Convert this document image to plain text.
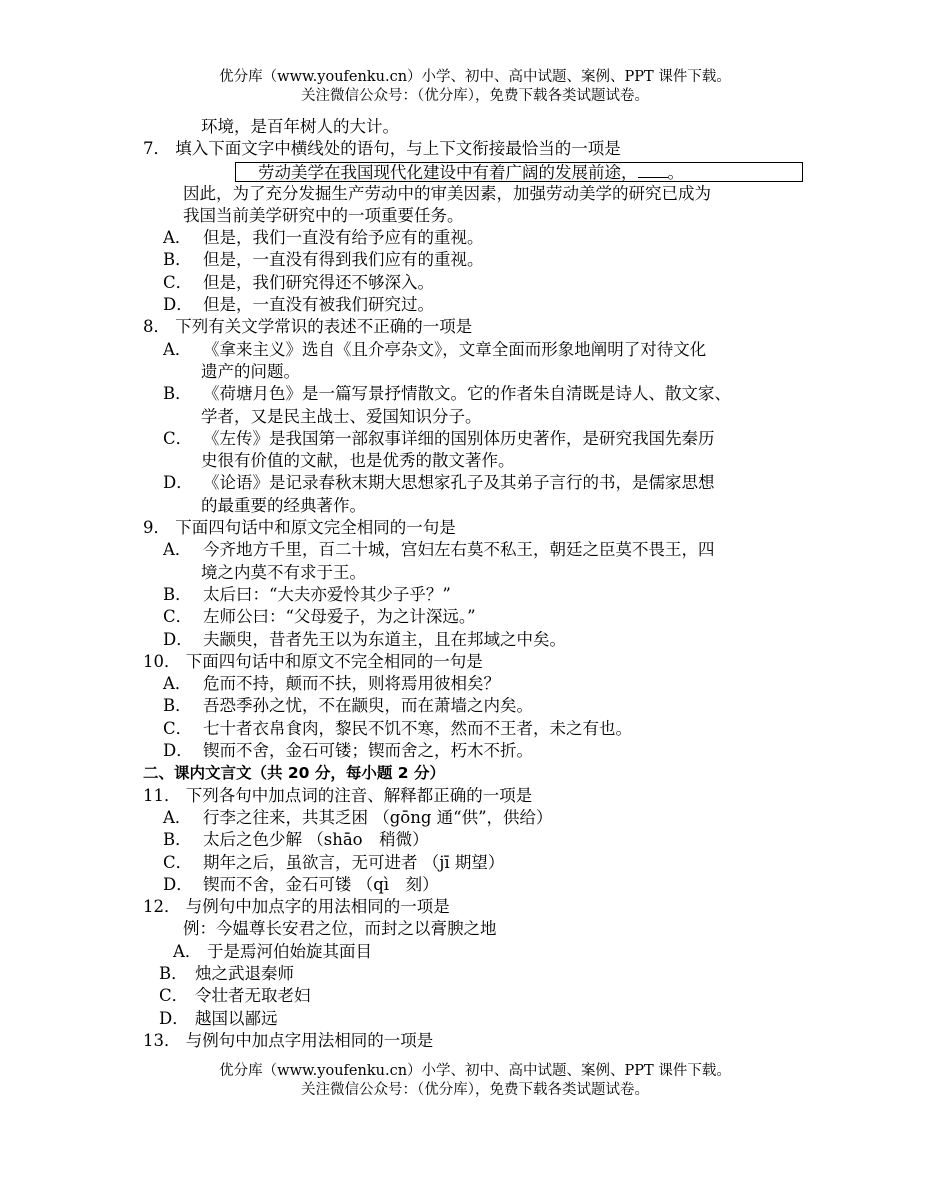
优分库（www.youfenku.cn）小学、初中、高中试题、案例、PPT 课件下载。
关注微信公众号：（优分库），免费下载各类试题试卷。
环境，是百年树人的大计。
7． 填入下面文字中横线处的语句，与上下文衔接最恰当的一项是
劳动美学在我国现代化建设中有着广阔的发展前途， 。
因此，为了充分发掘生产劳动中的审美因素，加强劳动美学的研究已成为
我国当前美学研究中的一项重要任务。
A． 但是，我们一直没有给予应有的重视。
B． 但是，一直没有得到我们应有的重视。
C． 但是，我们研究得还不够深入。
D． 但是，一直没有被我们研究过。
8． 下列有关文学常识的表述不正确的一项是
A． 《拿来主义》选自《且介亭杂文》，文章全面而形象地阐明了对待文化
遗产的问题。
B． 《荷塘月色》是一篇写景抒情散文。它的作者朱自清既是诗人、散文家、
学者，又是民主战士、爱国知识分子。
C． 《左传》是我国第一部叙事详细的国别体历史著作，是研究我国先秦历
史很有价值的文献，也是优秀的散文著作。
D． 《论语》是记录春秋末期大思想家孔子及其弟子言行的书，是儒家思想
的最重要的经典著作。
9． 下面四句话中和原文完全相同的一句是
A． 今齐地方千里，百二十城，宫妇左右莫不私王，朝廷之臣莫不畏王，四
境之内莫不有求于王。
B． 太后曰：“大夫亦爱怜其少子乎？”
C． 左师公曰：“父母爱子，为之计深远。”
D． 夫颛臾，昔者先王以为东道主，且在邦域之中矣。
10． 下面四句话中和原文不完全相同的一句是
A． 危而不持，颠而不扶，则将焉用彼相矣？
B． 吾恐季孙之忧，不在颛臾，而在萧墙之内矣。
C． 七十者衣帛食肉，黎民不饥不寒，然而不王者，未之有也。
D． 锲而不舍，金石可镂；锲而舍之，朽木不折。
二、课内文言文（共 20 分，每小题 2 分）
11． 下列各句中加点词的注音、解释都正确的一项是
A． 行李之往来，共其乏困 （gōng 通“供”，供给）
B． 太后之色少解 （shāo　稍微）
C． 期年之后，虽欲言，无可进者 （jī 期望）
D． 锲而不舍，金石可镂 （qì　刻）
12． 与例句中加点字的用法相同的一项是
例：今媪尊长安君之位，而封之以膏腴之地
A． 于是焉河伯始旋其面目
B． 烛之武退秦师
C． 令壮者无取老妇
D． 越国以鄙远
13． 与例句中加点字用法相同的一项是
优分库（www.youfenku.cn）小学、初中、高中试题、案例、PPT 课件下载。
关注微信公众号：（优分库），免费下载各类试题试卷。
